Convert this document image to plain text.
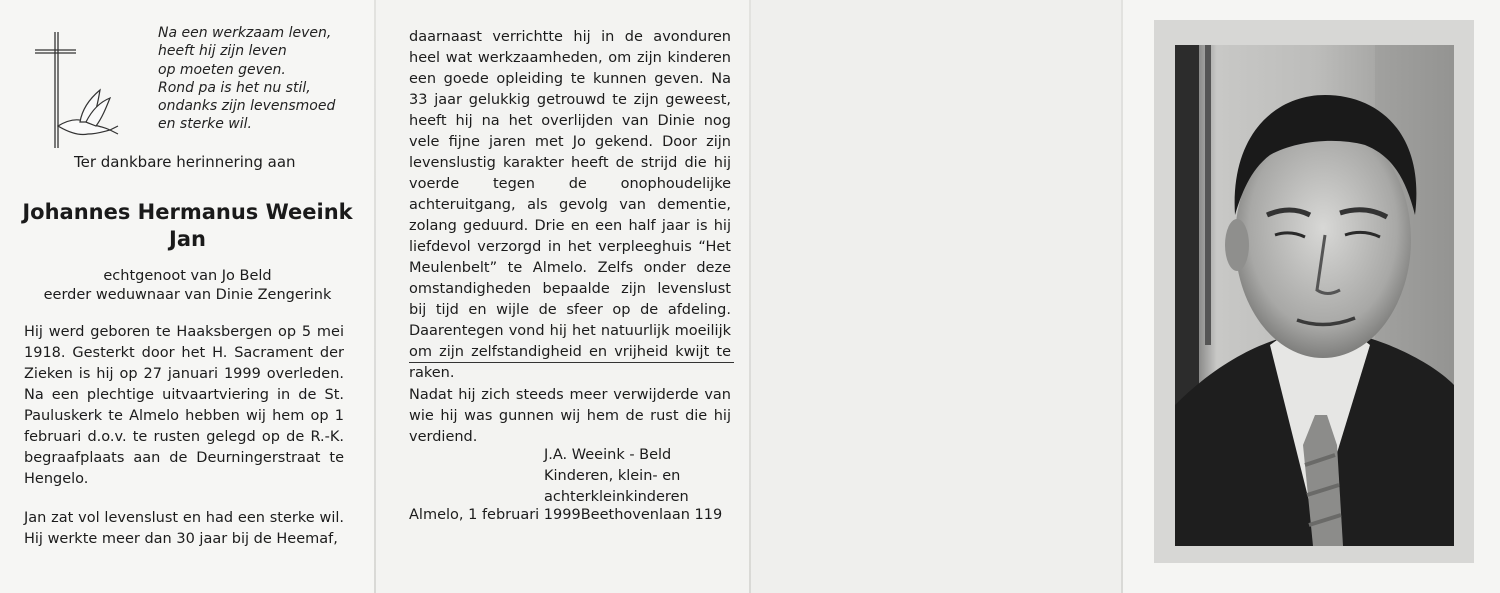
Na een werkzaam leven,
heeft hij zijn leven
op moeten geven.
Rond pa is het nu stil,
ondanks zijn levensmoed
en sterke wil.
Ter dankbare herinnering aan
Johannes Hermanus Weeink
Jan
echtgenoot van Jo Beld
eerder weduwnaar van Dinie Zengerink

Hij werd geboren te Haaksbergen op 5 mei 1918. Gesterkt door het H. Sacrament der Zieken is hij op 27 januari 1999 overleden. Na een plechtige uitvaartviering in de St. Pauluskerk te Almelo hebben wij hem op 1 februari d.o.v. te rusten gelegd op de R.-K. begraafplaats aan de Deurningerstraat te Hengelo.

Jan zat vol levenslust en had een sterke wil. Hij werkte meer dan 30 jaar bij de Heemaf,

daarnaast verrichtte hij in de avonduren heel wat werkzaamheden, om zijn kinderen een goede opleiding te kunnen geven. Na 33 jaar gelukkig getrouwd te zijn geweest, heeft hij na het overlijden van Dinie nog vele fijne jaren met Jo gekend. Door zijn levenslustig karakter heeft de strijd die hij voerde tegen de onophoudelijke achteruitgang, als gevolg van dementie, zolang geduurd. Drie en een half jaar is hij liefdevol verzorgd in het verpleeghuis “Het Meulenbelt” te Almelo. Zelfs onder deze omstandigheden bepaalde zijn levenslust bij tijd en wijle de sfeer op de afdeling. Daarentegen vond hij het natuurlijk moeilijk om zijn zelfstandigheid en vrijheid kwijt te raken.

Nadat hij zich steeds meer verwijderde van wie hij was gunnen wij hem de rust die hij verdiend.

J.A. Weeink - Beld
Kinderen, klein- en
achterkleinkinderen
Almelo, 1 februari 1999Beethovenlaan 119
